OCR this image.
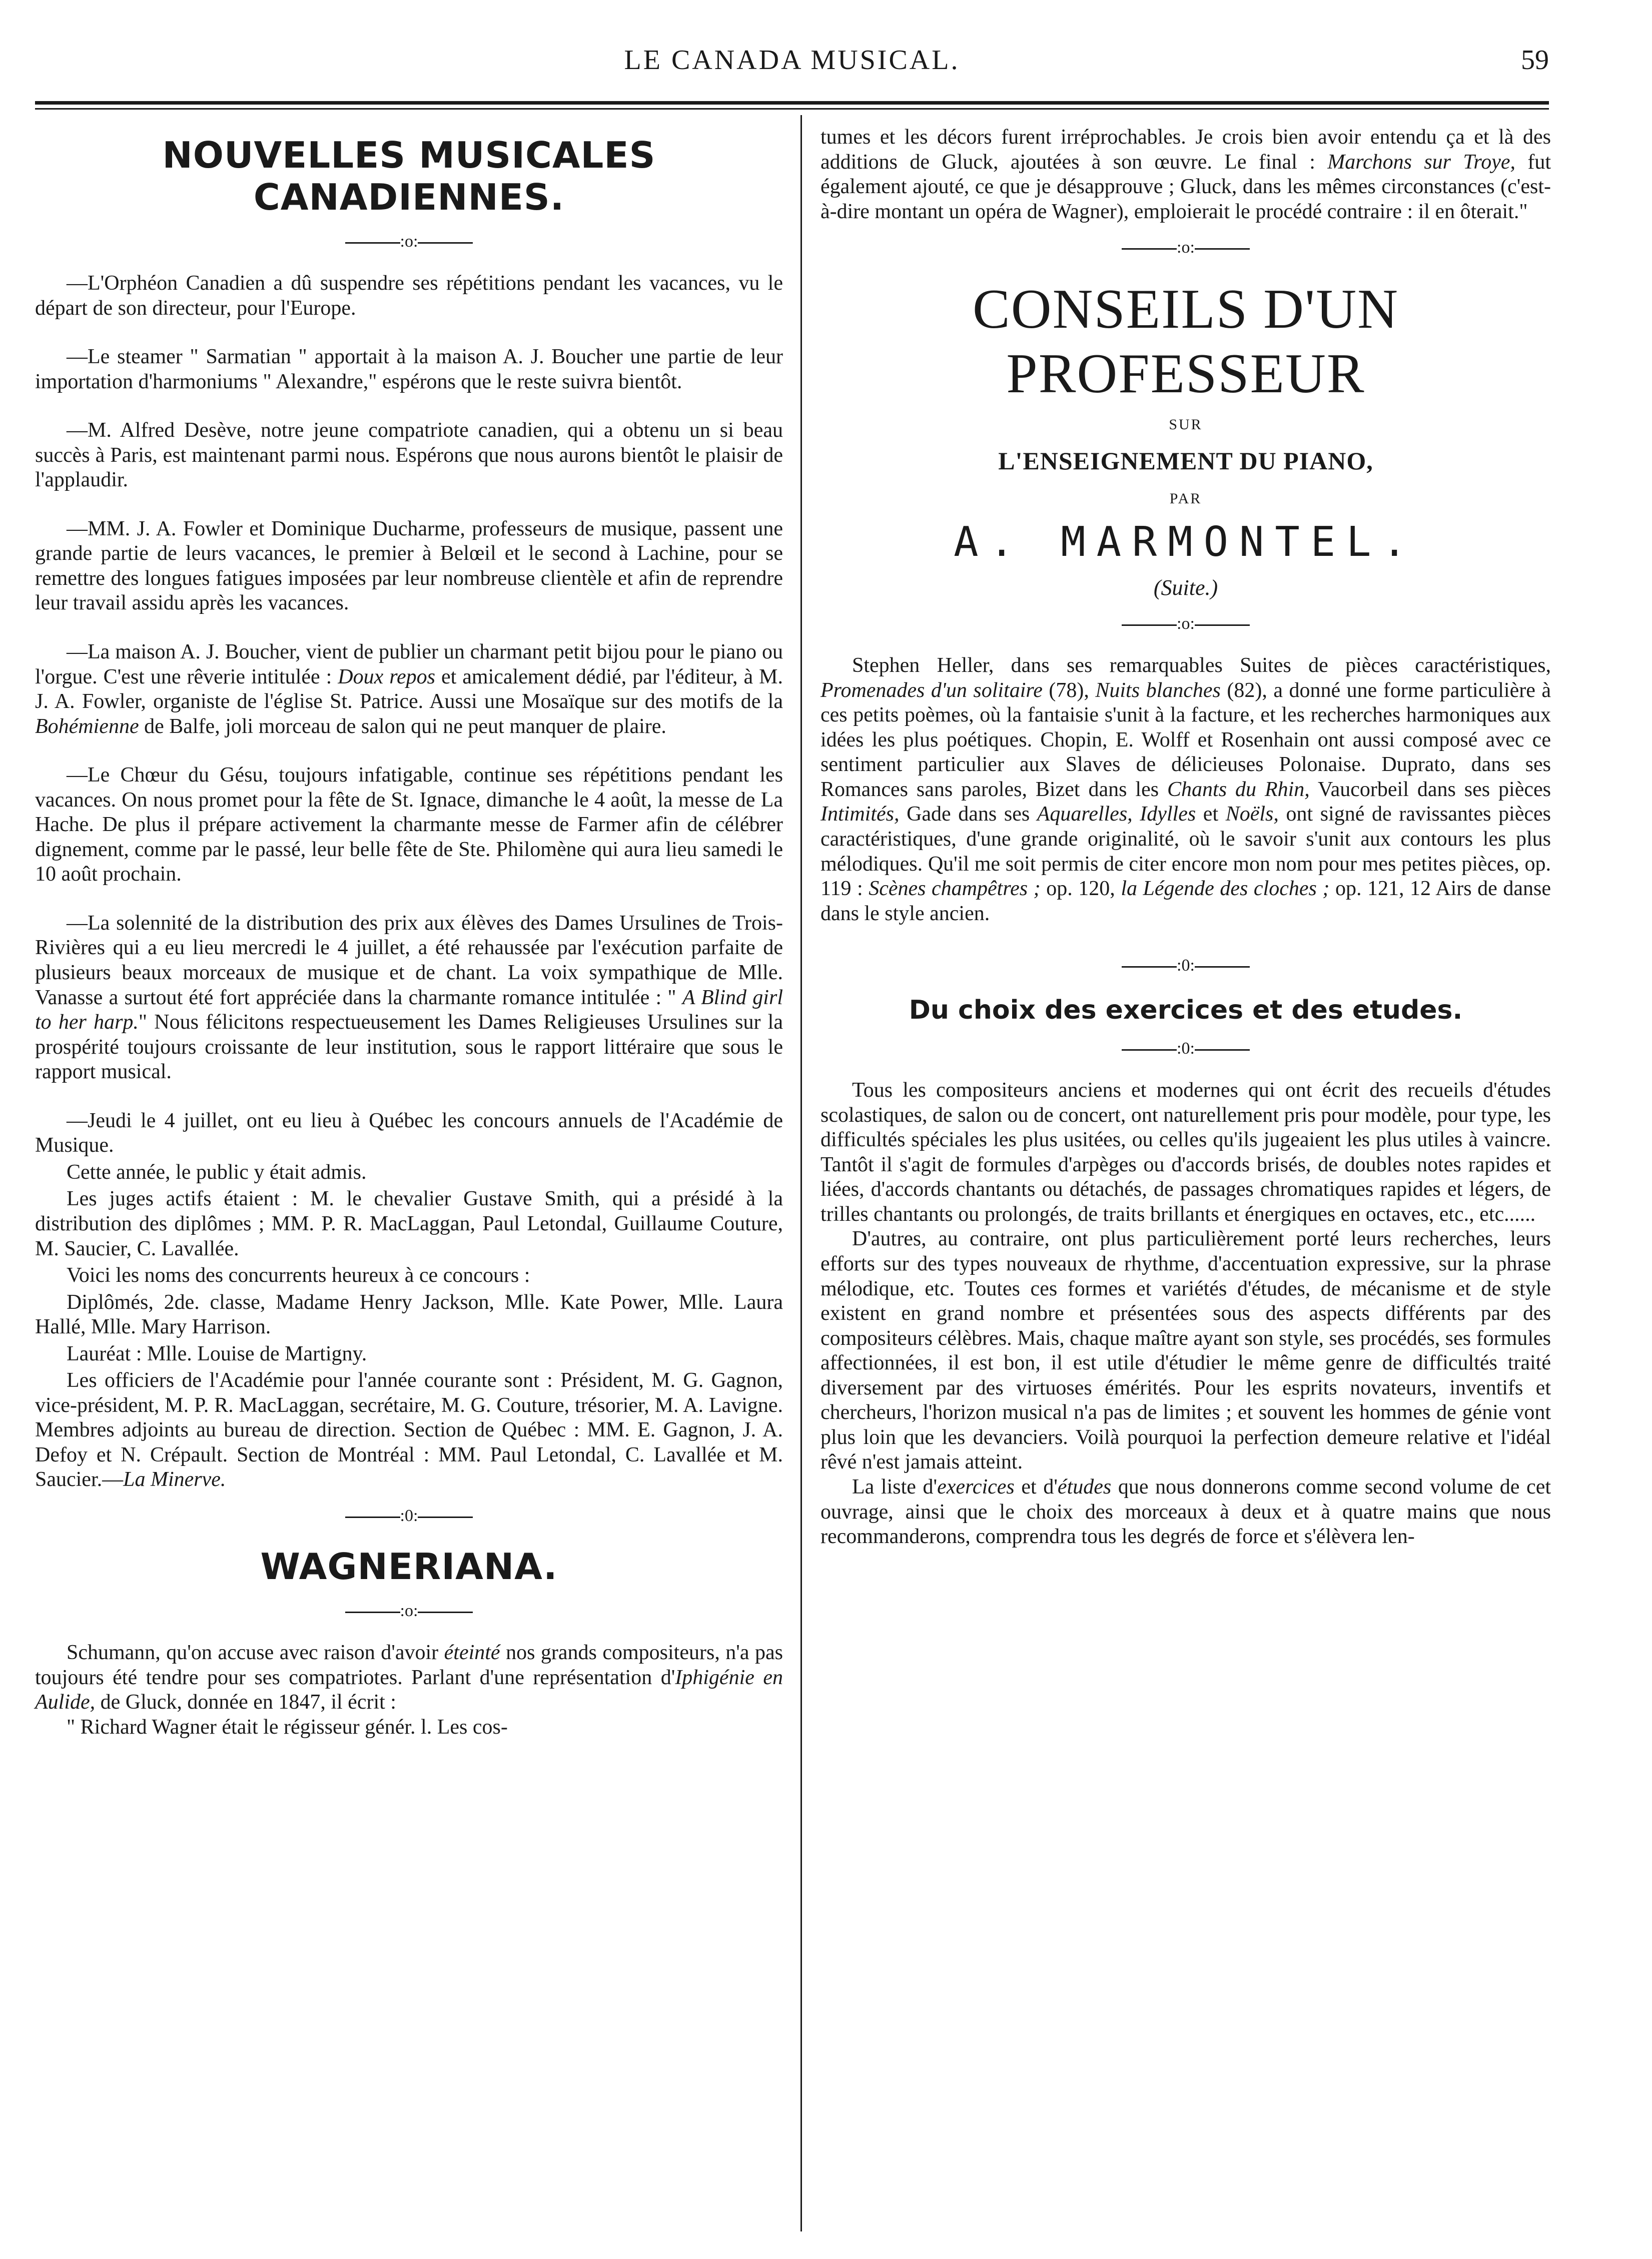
LE CANADA MUSICAL.	59
NOUVELLES MUSICALES CANADIENNES.
:o:

—L'Orphéon Canadien a dû suspendre ses répétitions pendant les vacances, vu le départ de son directeur, pour l'Europe.

—Le steamer " Sarmatian " apportait à la maison A. J. Boucher une partie de leur importation d'harmoniums " Alexandre," espérons que le reste suivra bientôt.

—M. Alfred Desève, notre jeune compatriote canadien, qui a obtenu un si beau succès à Paris, est maintenant parmi nous. Espérons que nous aurons bientôt le plaisir de l'applaudir.

—MM. J. A. Fowler et Dominique Ducharme, professeurs de musique, passent une grande partie de leurs vacances, le premier à Belœil et le second à Lachine, pour se remettre des longues fatigues imposées par leur nombreuse clientèle et afin de reprendre leur travail assidu après les vacances.

—La maison A. J. Boucher, vient de publier un charmant petit bijou pour le piano ou l'orgue. C'est une rêverie intitulée : Doux repos et amicalement dédié, par l'éditeur, à M. J. A. Fowler, organiste de l'église St. Patrice. Aussi une Mosaïque sur des motifs de la Bohémienne de Balfe, joli morceau de salon qui ne peut manquer de plaire.

—Le Chœur du Gésu, toujours infatigable, continue ses répétitions pendant les vacances. On nous promet pour la fête de St. Ignace, dimanche le 4 août, la messe de La Hache. De plus il prépare activement la charmante messe de Farmer afin de célébrer dignement, comme par le passé, leur belle fête de Ste. Philomène qui aura lieu samedi le 10 août prochain.

—La solennité de la distribution des prix aux élèves des Dames Ursulines de Trois-Rivières qui a eu lieu mercredi le 4 juillet, a été rehaussée par l'exécution parfaite de plusieurs beaux morceaux de musique et de chant. La voix sympathique de Mlle. Vanasse a surtout été fort appréciée dans la charmante romance intitulée : " A Blind girl to her harp." Nous félicitons respectueusement les Dames Religieuses Ursulines sur la prospérité toujours croissante de leur institution, sous le rapport littéraire que sous le rapport musical.

—Jeudi le 4 juillet, ont eu lieu à Québec les concours annuels de l'Académie de Musique.

Cette année, le public y était admis.

Les juges actifs étaient : M. le chevalier Gustave Smith, qui a présidé à la distribution des diplômes ; MM. P. R. MacLaggan, Paul Letondal, Guillaume Couture, M. Saucier, C. Lavallée.

Voici les noms des concurrents heureux à ce concours :

Diplômés, 2de. classe, Madame Henry Jackson, Mlle. Kate Power, Mlle. Laura Hallé, Mlle. Mary Harrison.

Lauréat : Mlle. Louise de Martigny.

Les officiers de l'Académie pour l'année courante sont : Président, M. G. Gagnon, vice-président, M. P. R. MacLaggan, secrétaire, M. G. Couture, trésorier, M. A. Lavigne. Membres adjoints au bureau de direction. Section de Québec : MM. E. Gagnon, J. A. Defoy et N. Crépault. Section de Montréal : MM. Paul Letondal, C. Lavallée et M. Saucier.—La Minerve.

:0:
WAGNERIANA.
:o:

Schumann, qu'on accuse avec raison d'avoir éteinté nos grands compositeurs, n'a pas toujours été tendre pour ses compatriotes. Parlant d'une représentation d'Iphigénie en Aulide, de Gluck, donnée en 1847, il écrit :

" Richard Wagner était le régisseur génér. l. Les cos-

tumes et les décors furent irréprochables. Je crois bien avoir entendu ça et là des additions de Gluck, ajoutées à son œuvre. Le final : Marchons sur Troye, fut également ajouté, ce que je désapprouve ; Gluck, dans les mêmes circonstances (c'est-à-dire montant un opéra de Wagner), emploierait le procédé contraire : il en ôterait."

:o:
CONSEILS D'UN PROFESSEUR
SUR
L'ENSEIGNEMENT DU PIANO,
PAR
A. MARMONTEL.
(Suite.)
:o:

Stephen Heller, dans ses remarquables Suites de pièces caractéristiques, Promenades d'un solitaire (78), Nuits blanches (82), a donné une forme particulière à ces petits poèmes, où la fantaisie s'unit à la facture, et les recherches harmoniques aux idées les plus poétiques. Chopin, E. Wolff et Rosenhain ont aussi composé avec ce sentiment particulier aux Slaves de délicieuses Polonaise. Duprato, dans ses Romances sans paroles, Bizet dans les Chants du Rhin, Vaucorbeil dans ses pièces Intimités, Gade dans ses Aquarelles, Idylles et Noëls, ont signé de ravissantes pièces caractéristiques, d'une grande originalité, où le savoir s'unit aux contours les plus mélodiques. Qu'il me soit permis de citer encore mon nom pour mes petites pièces, op. 119 : Scènes champêtres ; op. 120, la Légende des cloches ; op. 121, 12 Airs de danse dans le style ancien.

:0:
Du choix des exercices et des etudes.
:0:

Tous les compositeurs anciens et modernes qui ont écrit des recueils d'études scolastiques, de salon ou de concert, ont naturellement pris pour modèle, pour type, les difficultés spéciales les plus usitées, ou celles qu'ils jugeaient les plus utiles à vaincre. Tantôt il s'agit de formules d'arpèges ou d'accords brisés, de doubles notes rapides et liées, d'accords chantants ou détachés, de passages chromatiques rapides et légers, de trilles chantants ou prolongés, de traits brillants et énergiques en octaves, etc., etc......

D'autres, au contraire, ont plus particulièrement porté leurs recherches, leurs efforts sur des types nouveaux de rhythme, d'accentuation expressive, sur la phrase mélodique, etc. Toutes ces formes et variétés d'études, de mécanisme et de style existent en grand nombre et présentées sous des aspects différents par des compositeurs célèbres. Mais, chaque maître ayant son style, ses procédés, ses formules affectionnées, il est bon, il est utile d'étudier le même genre de difficultés traité diversement par des virtuoses émérités. Pour les esprits novateurs, inventifs et chercheurs, l'horizon musical n'a pas de limites ; et souvent les hommes de génie vont plus loin que les devanciers. Voilà pourquoi la perfection demeure relative et l'idéal rêvé n'est jamais atteint.

La liste d'exercices et d'études que nous donnerons comme second volume de cet ouvrage, ainsi que le choix des morceaux à deux et à quatre mains que nous recommanderons, comprendra tous les degrés de force et s'élèvera len-
